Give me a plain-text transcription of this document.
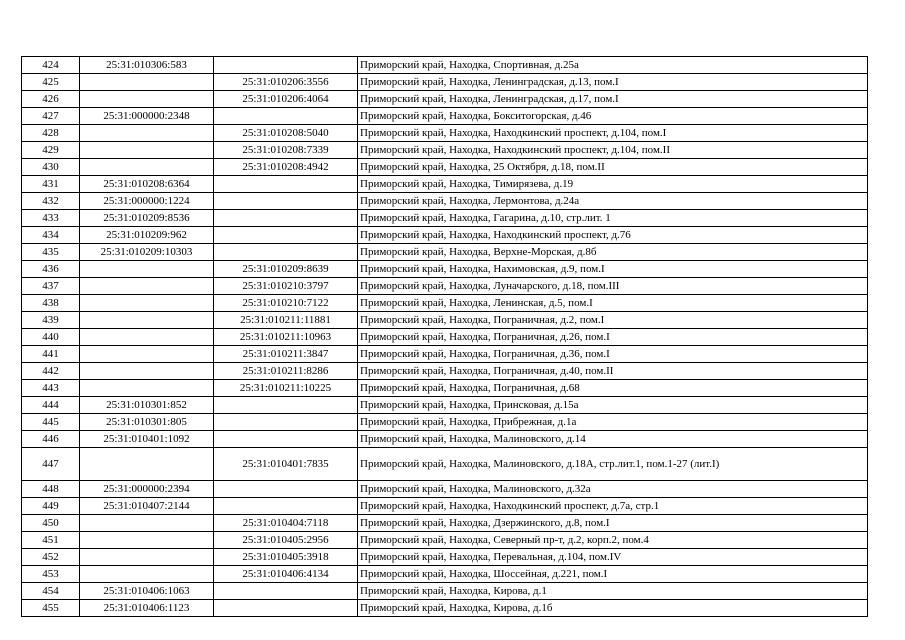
424	25:31:010306:583		Приморский край, Находка, Спортивная, д.25а
425		25:31:010206:3556	Приморский край, Находка, Ленинградская, д.13, пом.I
426		25:31:010206:4064	Приморский край, Находка, Ленинградская, д.17, пом.I
427	25:31:000000:2348		Приморский край, Находка, Бокситогорская, д.46
428		25:31:010208:5040	Приморский край, Находка, Находкинский проспект, д.104, пом.I
429		25:31:010208:7339	Приморский край, Находка, Находкинский проспект, д.104, пом.II
430		25:31:010208:4942	Приморский край, Находка, 25 Октября, д.18, пом.II
431	25:31:010208:6364		Приморский край, Находка, Тимирязева, д.19
432	25:31:000000:1224		Приморский край, Находка, Лермонтова, д.24а
433	25:31:010209:8536		Приморский край, Находка, Гагарина, д.10, стр.лит. 1
434	25:31:010209:962		Приморский край, Находка, Находкинский проспект, д.76
435	25:31:010209:10303		Приморский край, Находка, Верхне-Морская, д.8б
436		25:31:010209:8639	Приморский край, Находка, Нахимовская, д.9, пом.I
437		25:31:010210:3797	Приморский край, Находка, Луначарского, д.18, пом.III
438		25:31:010210:7122	Приморский край, Находка, Ленинская, д.5, пом.I
439		25:31:010211:11881	Приморский край, Находка, Пограничная, д.2, пом.I
440		25:31:010211:10963	Приморский край, Находка, Пограничная, д.26, пом.I
441		25:31:010211:3847	Приморский край, Находка, Пограничная, д.36, пом.I
442		25:31:010211:8286	Приморский край, Находка, Пограничная, д.40, пом.II
443		25:31:010211:10225	Приморский край, Находка, Пограничная, д.68
444	25:31:010301:852		Приморский край, Находка, Принсковая, д.15а
445	25:31:010301:805		Приморский край, Находка, Прибрежная, д.1а
446	25:31:010401:1092		Приморский край, Находка, Малиновского, д.14
447		25:31:010401:7835	Приморский край, Находка, Малиновского, д.18А, стр.лит.1, пом.1-27 (лит.I)
448	25:31:000000:2394		Приморский край, Находка, Малиновского, д.32а
449	25:31:010407:2144		Приморский край, Находка, Находкинский проспект, д.7а, стр.1
450		25:31:010404:7118	Приморский край, Находка, Дзержинского, д.8, пом.I
451		25:31:010405:2956	Приморский край, Находка, Северный пр-т, д.2, корп.2, пом.4
452		25:31:010405:3918	Приморский край, Находка, Перевальная, д.104, пом.IV
453		25:31:010406:4134	Приморский край, Находка, Шоссейная, д.221, пом.I
454	25:31:010406:1063		Приморский край, Находка, Кирова, д.1
455	25:31:010406:1123		Приморский край, Находка, Кирова, д.1б
